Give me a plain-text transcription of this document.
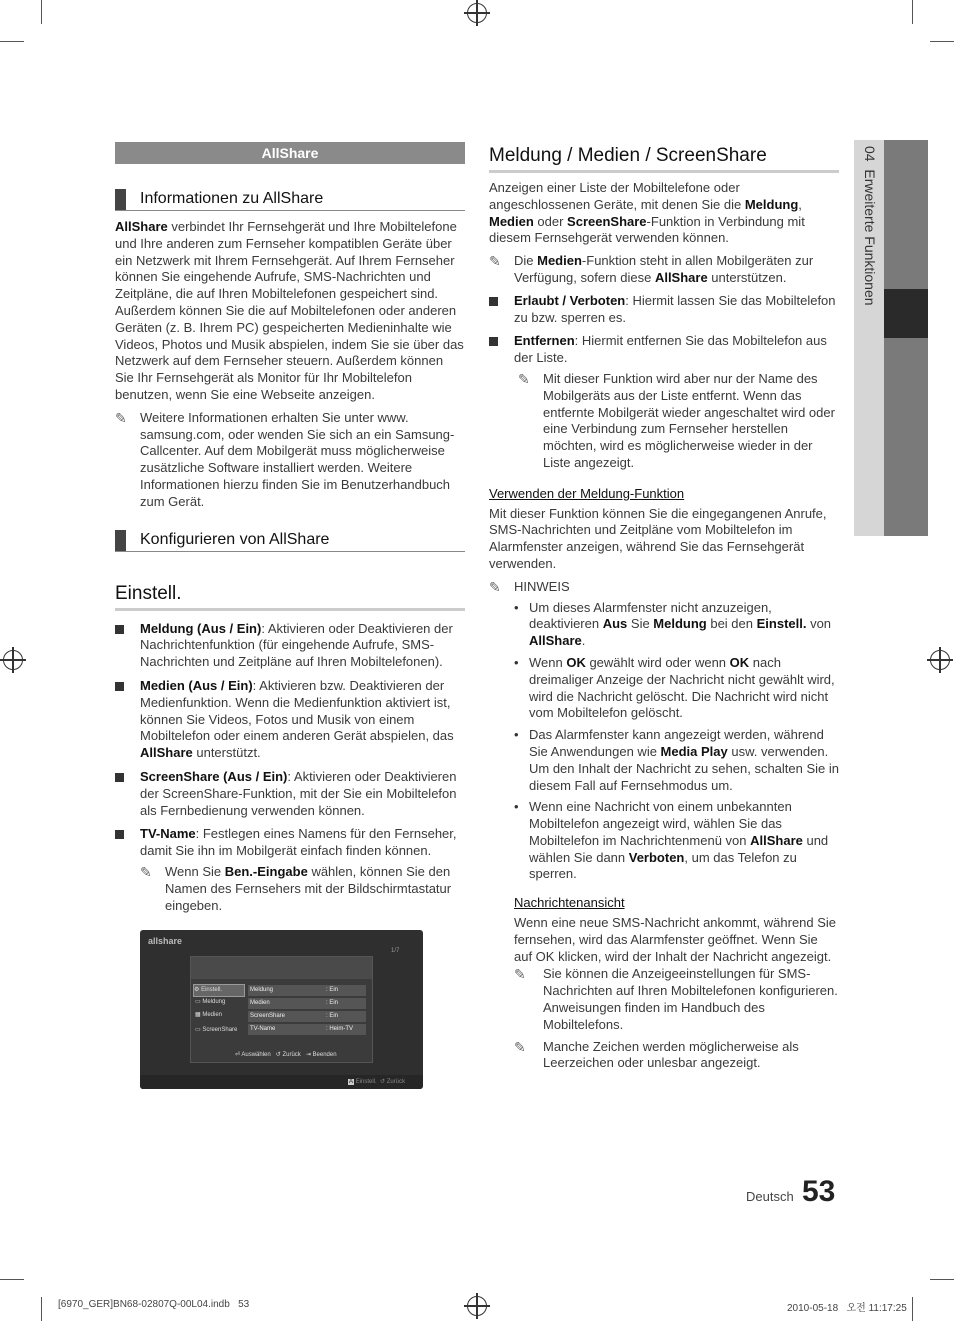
04  Erweiterte Funktionen
AllShare
Informationen zu AllShare

AllShare verbindet Ihr Fernsehgerät und Ihre Mobiltelefone und Ihre anderen zum Fernseher kompatiblen Geräte über ein Netzwerk mit Ihrem Fernsehgerät. Auf Ihrem Fernseher können Sie eingehende Aufrufe, SMS-Nachrichten und Zeitpläne, die auf Ihren Mobiltelefonen gespeichert sind. Außerdem können Sie die auf Mobiltelefonen oder anderen Geräten (z. B. Ihrem PC) gespeicherten Medieninhalte wie Videos, Photos und Musik abspielen, indem Sie sie über das Netzwerk auf dem Fernseher steuern. Außerdem können Sie Ihr Fernsehgerät als Monitor für Ihr Mobiltelefon benutzen, wenn Sie eine Webseite anzeigen.

✎ Weitere Informationen erhalten Sie unter www. samsung.com, oder wenden Sie sich an ein Samsung-Callcenter. Auf dem Mobilgerät muss möglicherweise zusätzliche Software installiert werden. Weitere Informationen hierzu finden Sie im Benutzerhandbuch zum Gerät.
Konfigurieren von AllShare
Einstell.
Meldung (Aus / Ein): Aktivieren oder Deaktivieren der Nachrichtenfunktion (für eingehende Aufrufe, SMS-Nachrichten und Zeitpläne auf Ihren Mobiltelefonen).
Medien (Aus / Ein): Aktivieren bzw. Deaktivieren der Medienfunktion. Wenn die Medienfunktion aktiviert ist, können Sie Videos, Fotos und Musik von einem Mobiltelefon oder einem anderen Gerät abspielen, das AllShare unterstützt.
ScreenShare (Aus / Ein): Aktivieren oder Deaktivieren der ScreenShare-Funktion, mit der Sie ein Mobiltelefon als Fernbedienung verwenden können.
TV-Name: Festlegen eines Namens für den Fernseher, damit Sie ihn im Mobilgerät einfach finden können.
✎ Wenn Sie Ben.-Eingabe wählen, können Sie den Namen des Fernsehers mit der Bildschirmtastatur eingeben.
allshare
1/7
⚙ Einstell.
▭ Meldung
▦ Medien
▭ ScreenShare
Meldung	: Ein
Medien	: Ein
ScreenShare	: Ein
TV-Name	: Heim-TV
⏎ Auswählen ↺ Zurück ⇥ Beenden
A Einstell. ↺ Zurück
Meldung / Medien / ScreenShare

Anzeigen einer Liste der Mobiltelefone oder angeschlossenen Geräte, mit denen Sie die Meldung, Medien oder ScreenShare-Funktion in Verbindung mit diesem Fernsehgerät verwenden können.

✎ Die Medien-Funktion steht in allen Mobilgeräten zur Verfügung, sofern diese AllShare unterstützen.
Erlaubt / Verboten: Hiermit lassen Sie das Mobiltelefon zu bzw. sperren es.
Entfernen: Hiermit entfernen Sie das Mobiltelefon aus der Liste.
✎ Mit dieser Funktion wird aber nur der Name des Mobilgeräts aus der Liste entfernt. Wenn das entfernte Mobilgerät wieder angeschaltet wird oder eine Verbindung zum Fernseher herstellen möchten, wird es möglicherweise wieder in der Liste angezeigt.

Verwenden der Meldung-Funktion

Mit dieser Funktion können Sie die eingegangenen Anrufe, SMS-Nachrichten und Zeitpläne vom Mobiltelefon im Alarmfenster anzeigen, während Sie das Fernsehgerät verwenden.

✎ HINWEIS
• Um dieses Alarmfenster nicht anzuzeigen, deaktivieren Aus Sie Meldung bei den Einstell. von AllShare.
• Wenn OK gewählt wird oder wenn OK nach dreimaliger Anzeige der Nachricht nicht gewählt wird, wird die Nachricht gelöscht. Die Nachricht wird nicht vom Mobiltelefon gelöscht.
• Das Alarmfenster kann angezeigt werden, während Sie Anwendungen wie Media Play usw. verwenden. Um den Inhalt der Nachricht zu sehen, schalten Sie in diesem Fall auf Fernsehmodus um.
• Wenn eine Nachricht von einem unbekannten Mobiltelefon angezeigt wird, wählen Sie das Mobiltelefon im Nachrichtenmenü von AllShare und wählen Sie dann Verboten, um das Telefon zu sperren.

Nachrichtenansicht

Wenn eine neue SMS-Nachricht ankommt, während Sie fernsehen, wird das Alarmfenster geöffnet. Wenn Sie auf OK klicken, wird der Inhalt der Nachricht angezeigt.

✎ Sie können die Anzeigeeinstellungen für SMS-Nachrichten auf Ihren Mobiltelefonen konfigurieren. Anweisungen finden im Handbuch des Mobiltelefons.
✎ Manche Zeichen werden möglicherweise als Leerzeichen oder unlesbar angezeigt.
Deutsch 53
[6970_GER]BN68-02807Q-00L04.indb   53	2010-05-18   오전 11:17:25
